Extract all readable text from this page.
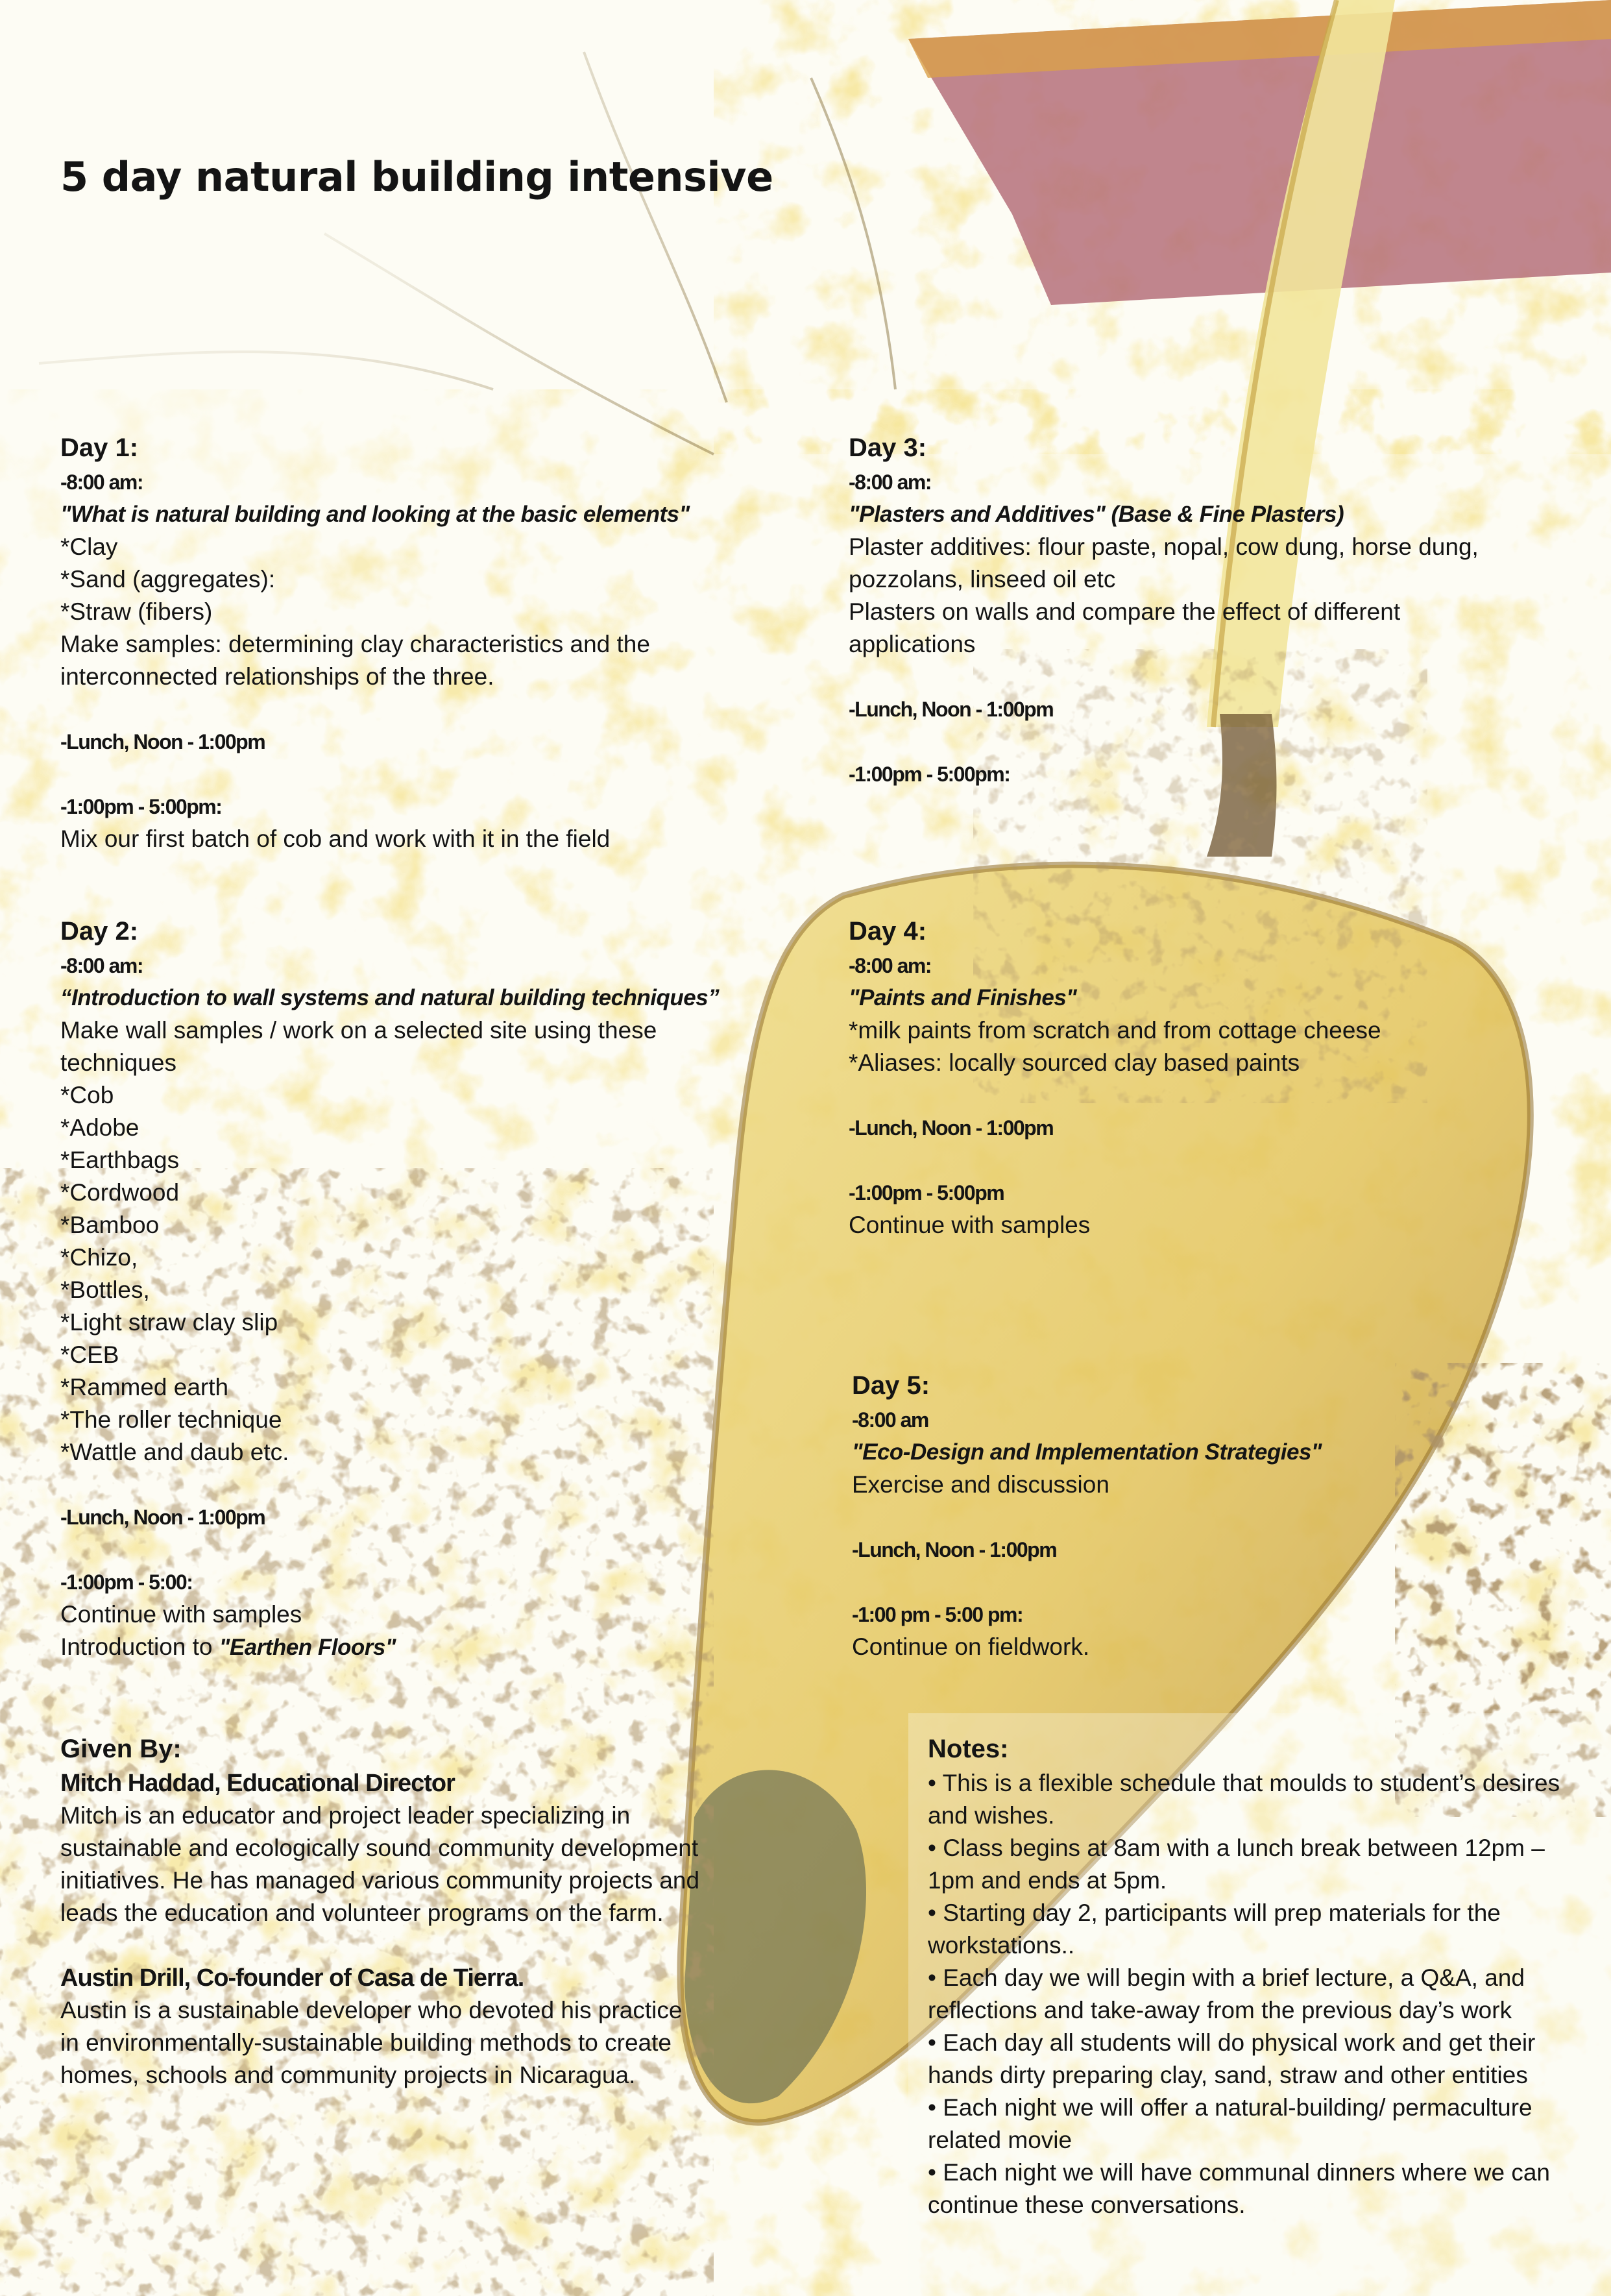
5 day natural building intensive
Day 1:
-8:00 am:
"What is natural building and looking at the basic elements"

*Clay

*Sand (aggregates):

*Straw (fibers)

Make samples: determining clay characteristics and the interconnected relationships of the three.

-Lunch, Noon - 1:00pm
-1:00pm - 5:00pm:

Mix our first batch of cob and work with it in the field

Day 2:
-8:00 am:
“Introduction to wall systems and natural building techniques”

Make wall samples / work on a selected site using these techniques

*Cob

*Adobe

*Earthbags

*Cordwood

*Bamboo

*Chizo,

*Bottles,

*Light straw clay slip

*CEB

*Rammed earth

*The roller technique

*Wattle and daub etc.

-Lunch, Noon - 1:00pm
-1:00pm - 5:00:

Continue with samples

Introduction to "Earthen Floors"

Day 3:
-8:00 am:
"Plasters and Additives" (Base & Fine Plasters)

Plaster additives: flour paste, nopal, cow dung, horse dung, pozzolans, linseed oil etc

Plasters on walls and compare the effect of different applications

-Lunch, Noon - 1:00pm
-1:00pm - 5:00pm:
Day 4:
-8:00 am:
"Paints and Finishes"

*milk paints from scratch and from cottage cheese

*Aliases: locally sourced clay based paints

-Lunch, Noon - 1:00pm
-1:00pm - 5:00pm

Continue with samples

Day 5:
-8:00 am
"Eco-Design and Implementation Strategies"

Exercise and discussion

-Lunch, Noon - 1:00pm
-1:00 pm - 5:00 pm:

Continue on fieldwork.

Given By:
Mitch Haddad, Educational Director

Mitch is an educator and project leader specializing in sustainable and ecologically sound community development initiatives. He has managed various community projects and leads the education and volunteer programs on the farm.

Austin Drill, Co-founder of Casa de Tierra.

Austin is a sustainable developer who devoted his practice in environmentally-sustainable building methods to create homes, schools and community projects in Nicaragua.

Notes:
• This is a flexible schedule that moulds to student’s desires and wishes.
• Class begins at 8am with a lunch break between 12pm – 1pm and ends at 5pm.
• Starting day 2, participants will prep materials for the workstations..
• Each day we will begin with a brief lecture, a Q&A, and reflections and take-away from the previous day’s work
• Each day all students will do physical work and get their hands dirty preparing clay, sand, straw and other entities
• Each night we will offer a natural-building/ permaculture related movie
• Each night we will have communal dinners where we can continue these conversations.
